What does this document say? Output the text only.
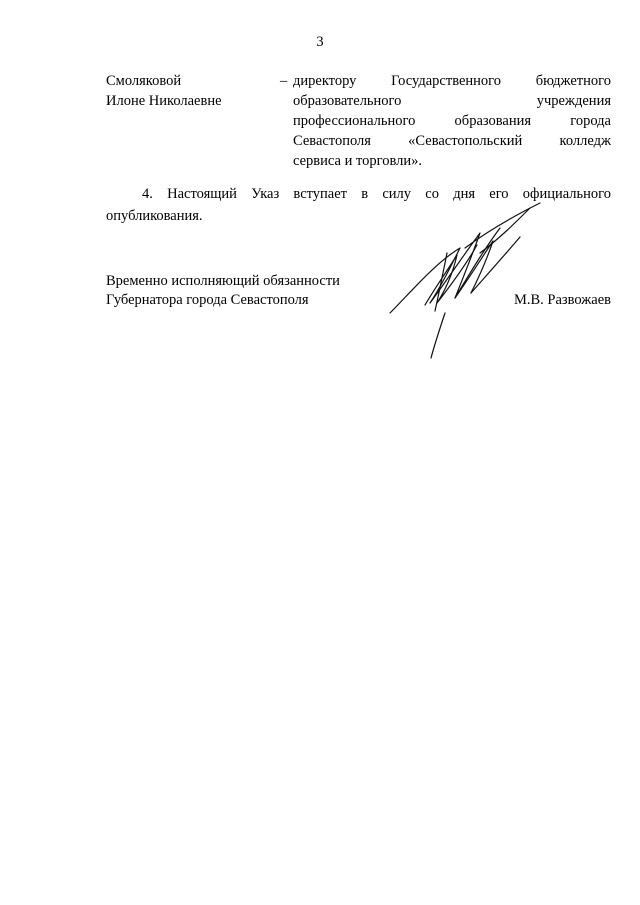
3
Смоляковой
Илоне Николаевне
– директору Государственного бюджетного
образовательного учреждения
профессионального образования города
Севастополя «Севастопольский колледж
сервиса и торговли».
4. Настоящий Указ вступает в силу со дня его официального
опубликования.
Временно исполняющий обязанности
Губернатора города Севастополя	М.В. Развожаев
